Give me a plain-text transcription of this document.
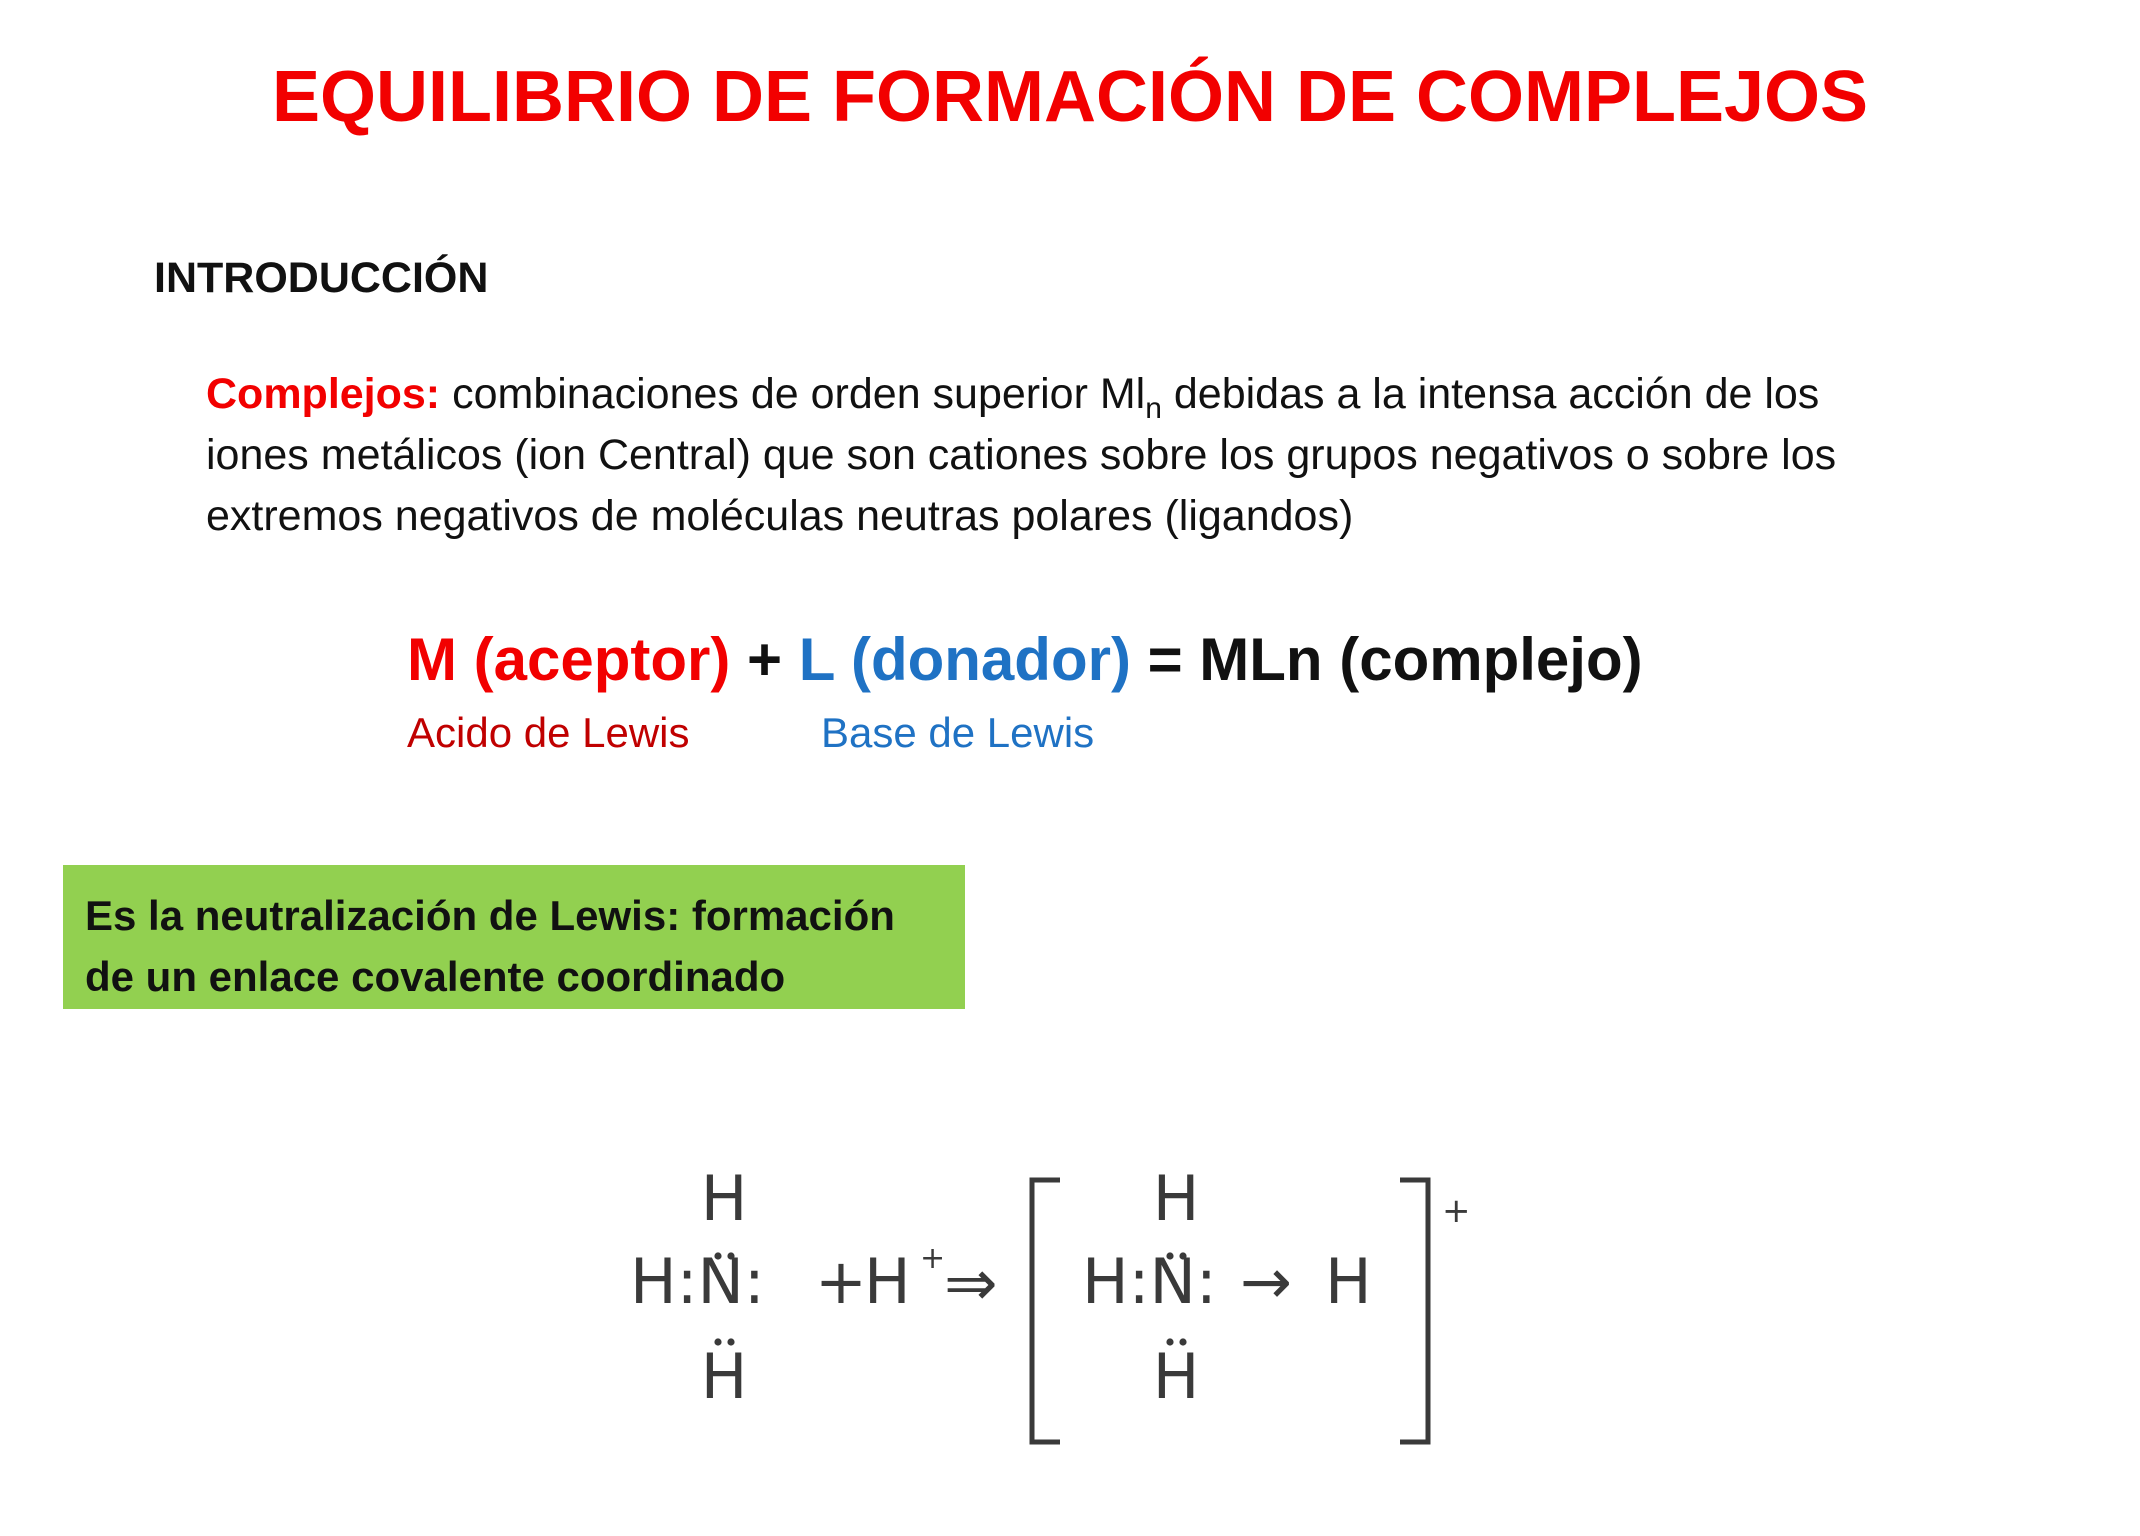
EQUILIBRIO DE FORMACIÓN DE COMPLEJOS
INTRODUCCIÓN
Complejos: combinaciones de orden superior $Ml_n$ debidas a la intensa acción de los
iones metálicos (ion Central) que son cationes sobre los grupos negativos o sobre los
extremos negativos de moléculas neutras polares (ligandos)
M (aceptor) + L (donador) = MLn (complejo)
Acido de Lewis	Base de Lewis
Es la neutralización de Lewis: formación
de un enlace covalente coordinado
H
H:N:
H
+
H +
⇒
H
H:N: → H
H
+
